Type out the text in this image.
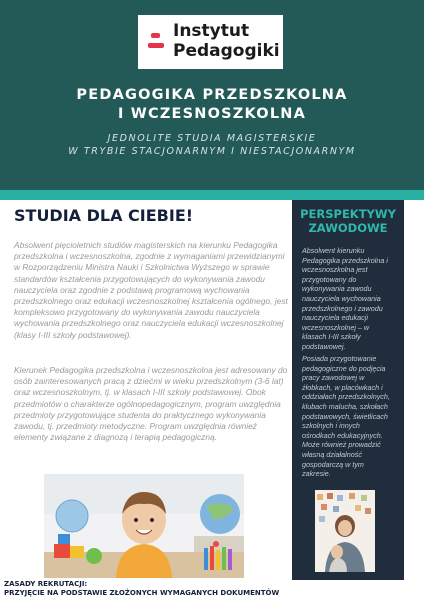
Instytut
Pedagogiki
PEDAGOGIKA PRZEDSZKOLNA
I WCZESNOSZKOLNA
JEDNOLITE STUDIA MAGISTERSKIE
W TRYBIE STACJONARNYM I NIESTACJONARNYM
STUDIA DLA CIEBIE!
Absolwent pięcioletnich studiów magisterskich na kierunku Pedagogika przedszkolna i wczesnoszkolna, zgodnie z wymaganiami przewidzianymi w Rozporządzeniu Ministra Nauki i Szkolnictwa Wyższego w sprawie standardów kształcenia przygotowujących do wykonywania zawodu nauczyciela oraz zgodnie z podstawą programową wychowania przedszkolnego oraz edukacji wczesnoszkolnej kształcenia ogólnego, jest kompleksowo przygotowany do wykonywania zawodu nauczyciela wychowania przedszkolnego oraz nauczyciela edukacji wczesnoszkolnej (klasy I-III szkoły podstawowej).
Kierunek Pedagogika przedszkolna i wczesnoszkolna jest adresowany do osób zainteresowanych pracą z dziećmi w wieku przedszkolnym (3-6 lat) oraz wczesnoszkolnym, tj. w klasach I-III szkoły podstawowej. Obok przedmiotów o charakterze ogólnopedagogicznym, program uwzględnia przedmioty przygotowujące studenta do praktycznego wykonywania zawodu, tj. przedmioty metodyczne. Program uwzględnia również elementy związane z diagnozą i terapią pedagogiczną.
PERSPEKTYWY
ZAWODOWE
Absolwent kierunku Pedagogika przedszkolna i wczesnoszkolna jest przygotowany do wykonywania zawodu nauczyciela wychowania przedszkolnego i zawodu nauczyciela edukacji wczesnoszkolnej – w klasach I-III szkoły podstawowej.
Posiada przygotowanie pedagogiczne do podjęcia pracy zawodowej w żłobkach, w placówkach i oddziałach przedszkolnych, klubach malucha, szkołach podstawowych, świetlicach szkolnych i innych ośrodkach edukacyjnych. Może również prowadzić własną działalność gospodarczą w tym zakresie.
ZASADY REKRUTACJI:
PRZYJĘCIE NA PODSTAWIE ZŁOŻONYCH WYMAGANYCH DOKUMENTÓW
